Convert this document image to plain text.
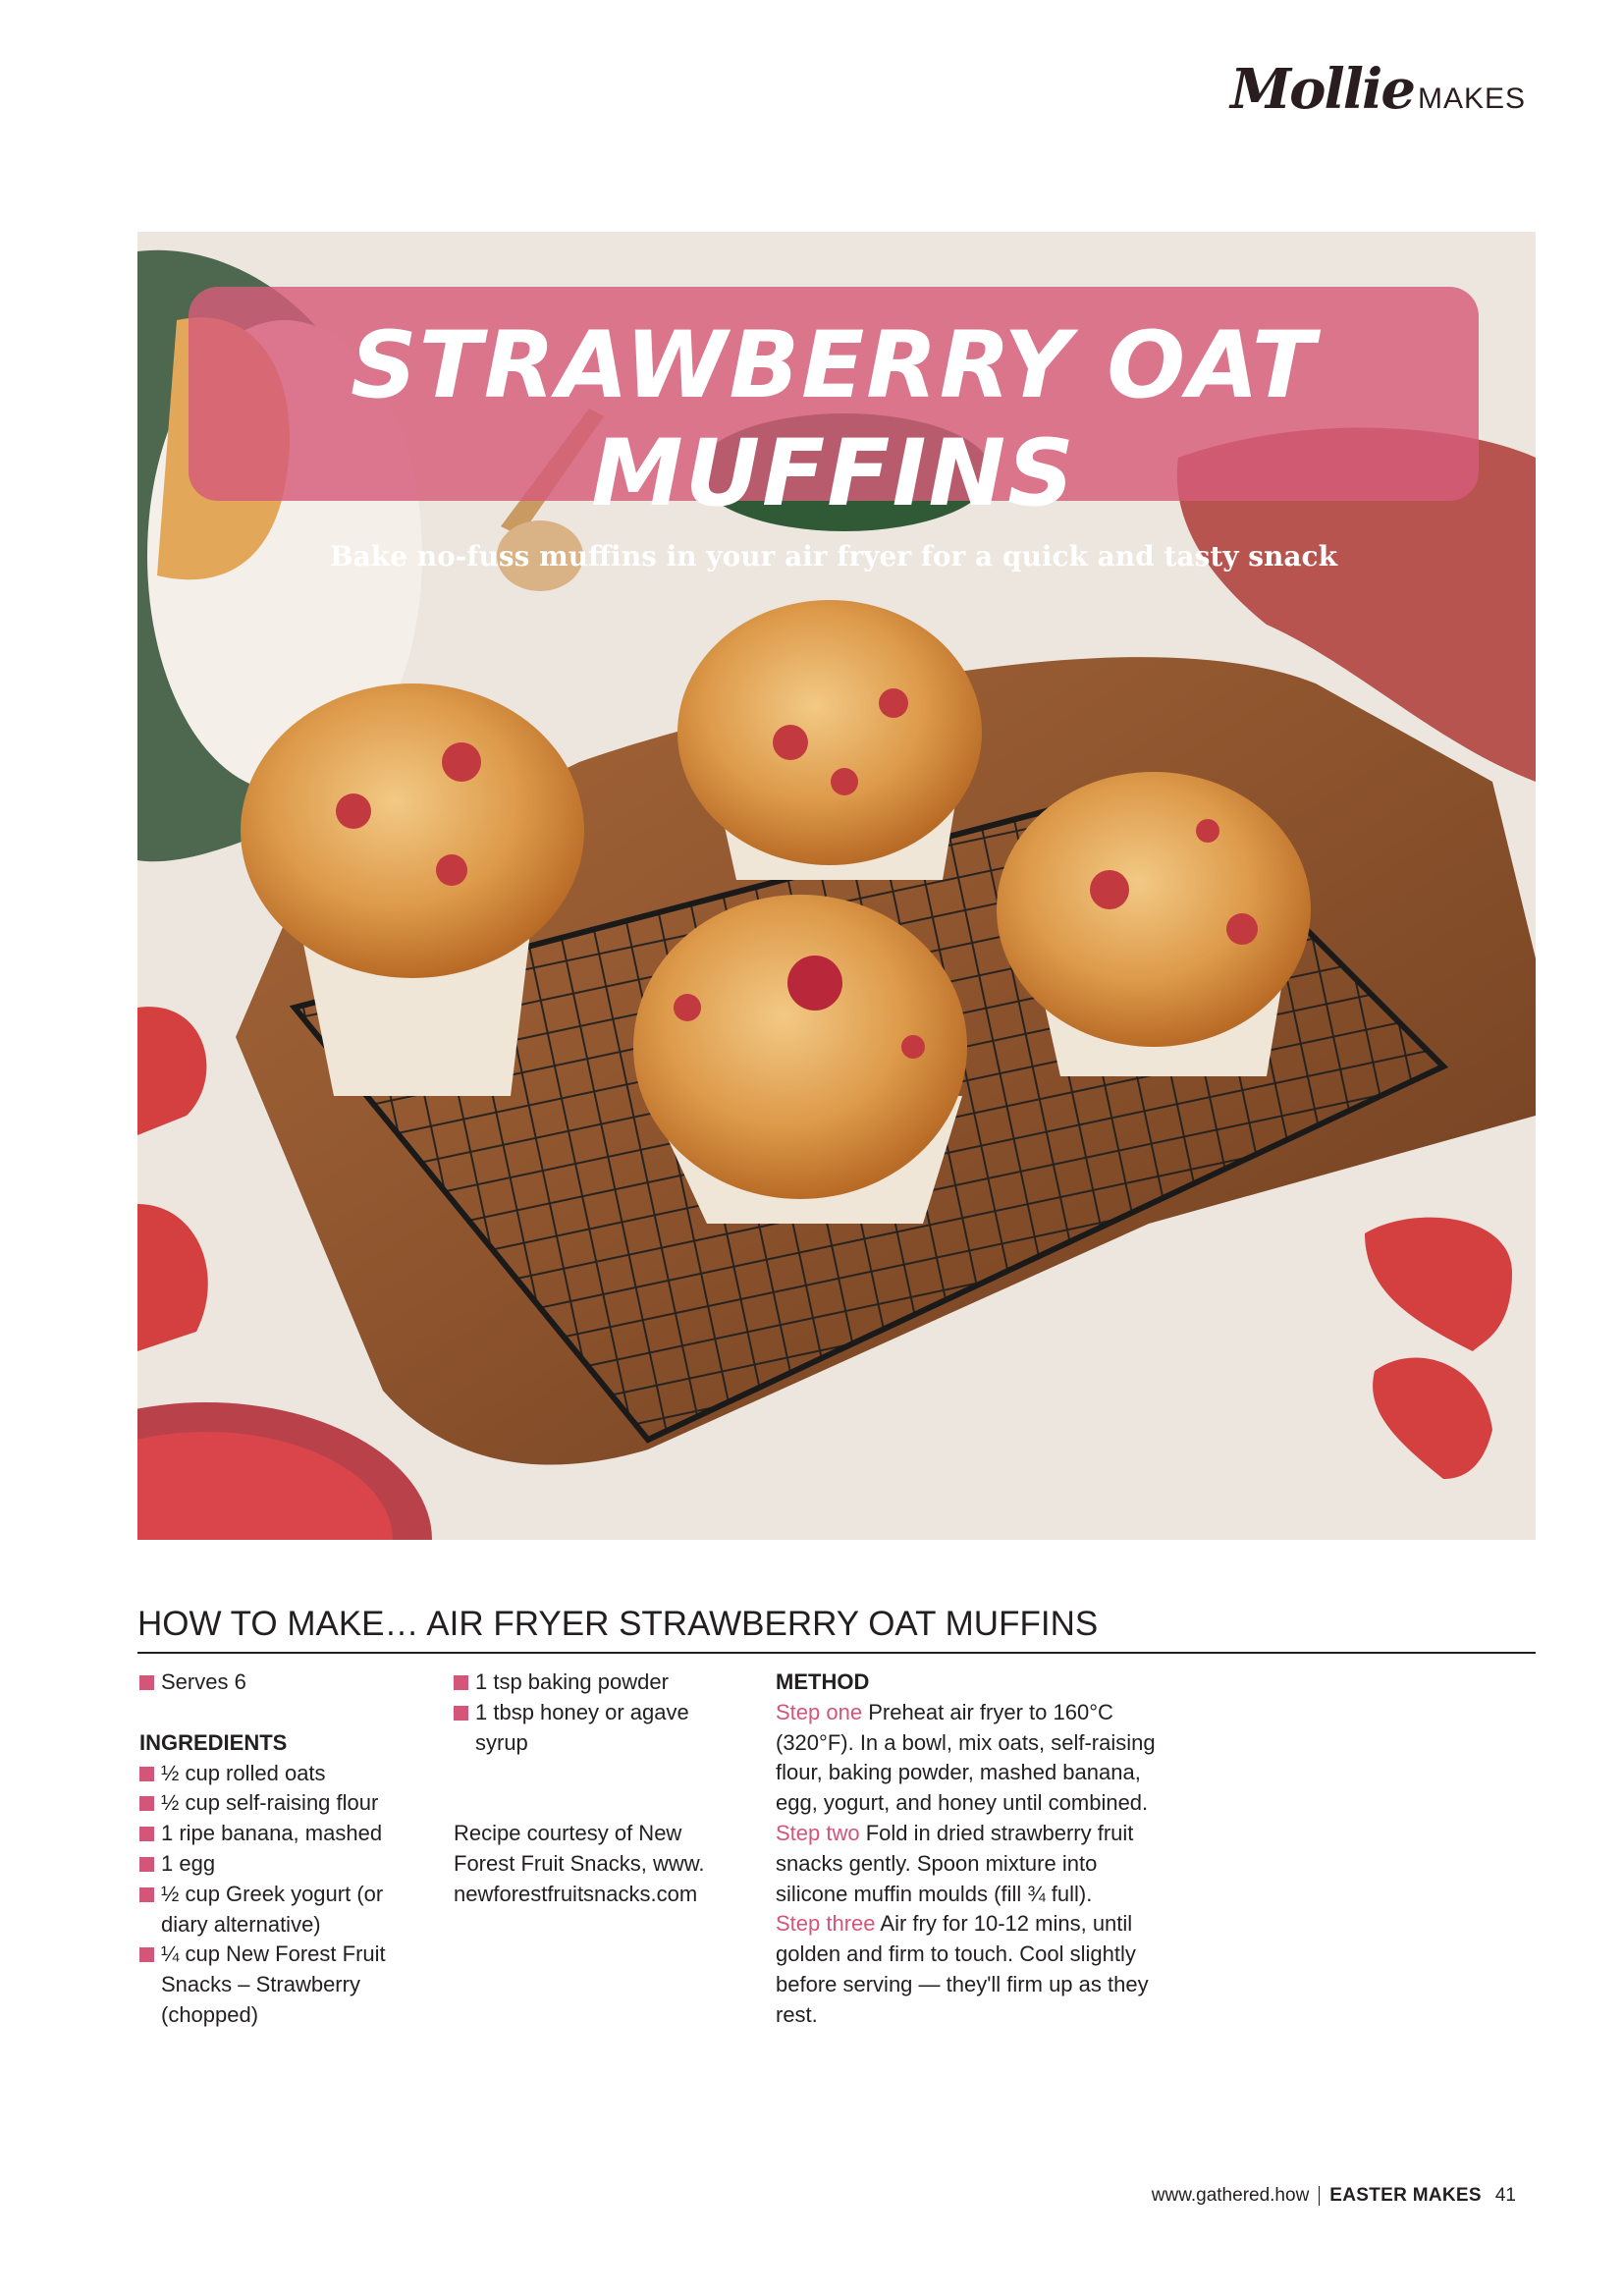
Mollie MAKES
STRAWBERRY OAT MUFFINS
Bake no-fuss muffins in your air fryer for a quick and tasty snack
HOW TO MAKE… AIR FRYER STRAWBERRY OAT MUFFINS
Serves 6
INGREDIENTS
½ cup rolled oats
½ cup self-raising flour
1 ripe banana, mashed
1 egg
½ cup Greek yogurt (or diary alternative)
¼ cup New Forest Fruit Snacks – Strawberry (chopped)
1 tsp baking powder
1 tbsp honey or agave syrup
Recipe courtesy of New Forest Fruit Snacks, www. newforestfruitsnacks.com
METHOD
Step one Preheat air fryer to 160°C (320°F). In a bowl, mix oats, self-raising flour, baking powder, mashed banana, egg, yogurt, and honey until combined.
Step two Fold in dried strawberry fruit snacks gently. Spoon mixture into silicone muffin moulds (fill ¾ full).
Step three Air fry for 10-12 mins, until golden and firm to touch. Cool slightly before serving — they'll firm up as they rest.
www.gathered.how EASTER MAKES 41
